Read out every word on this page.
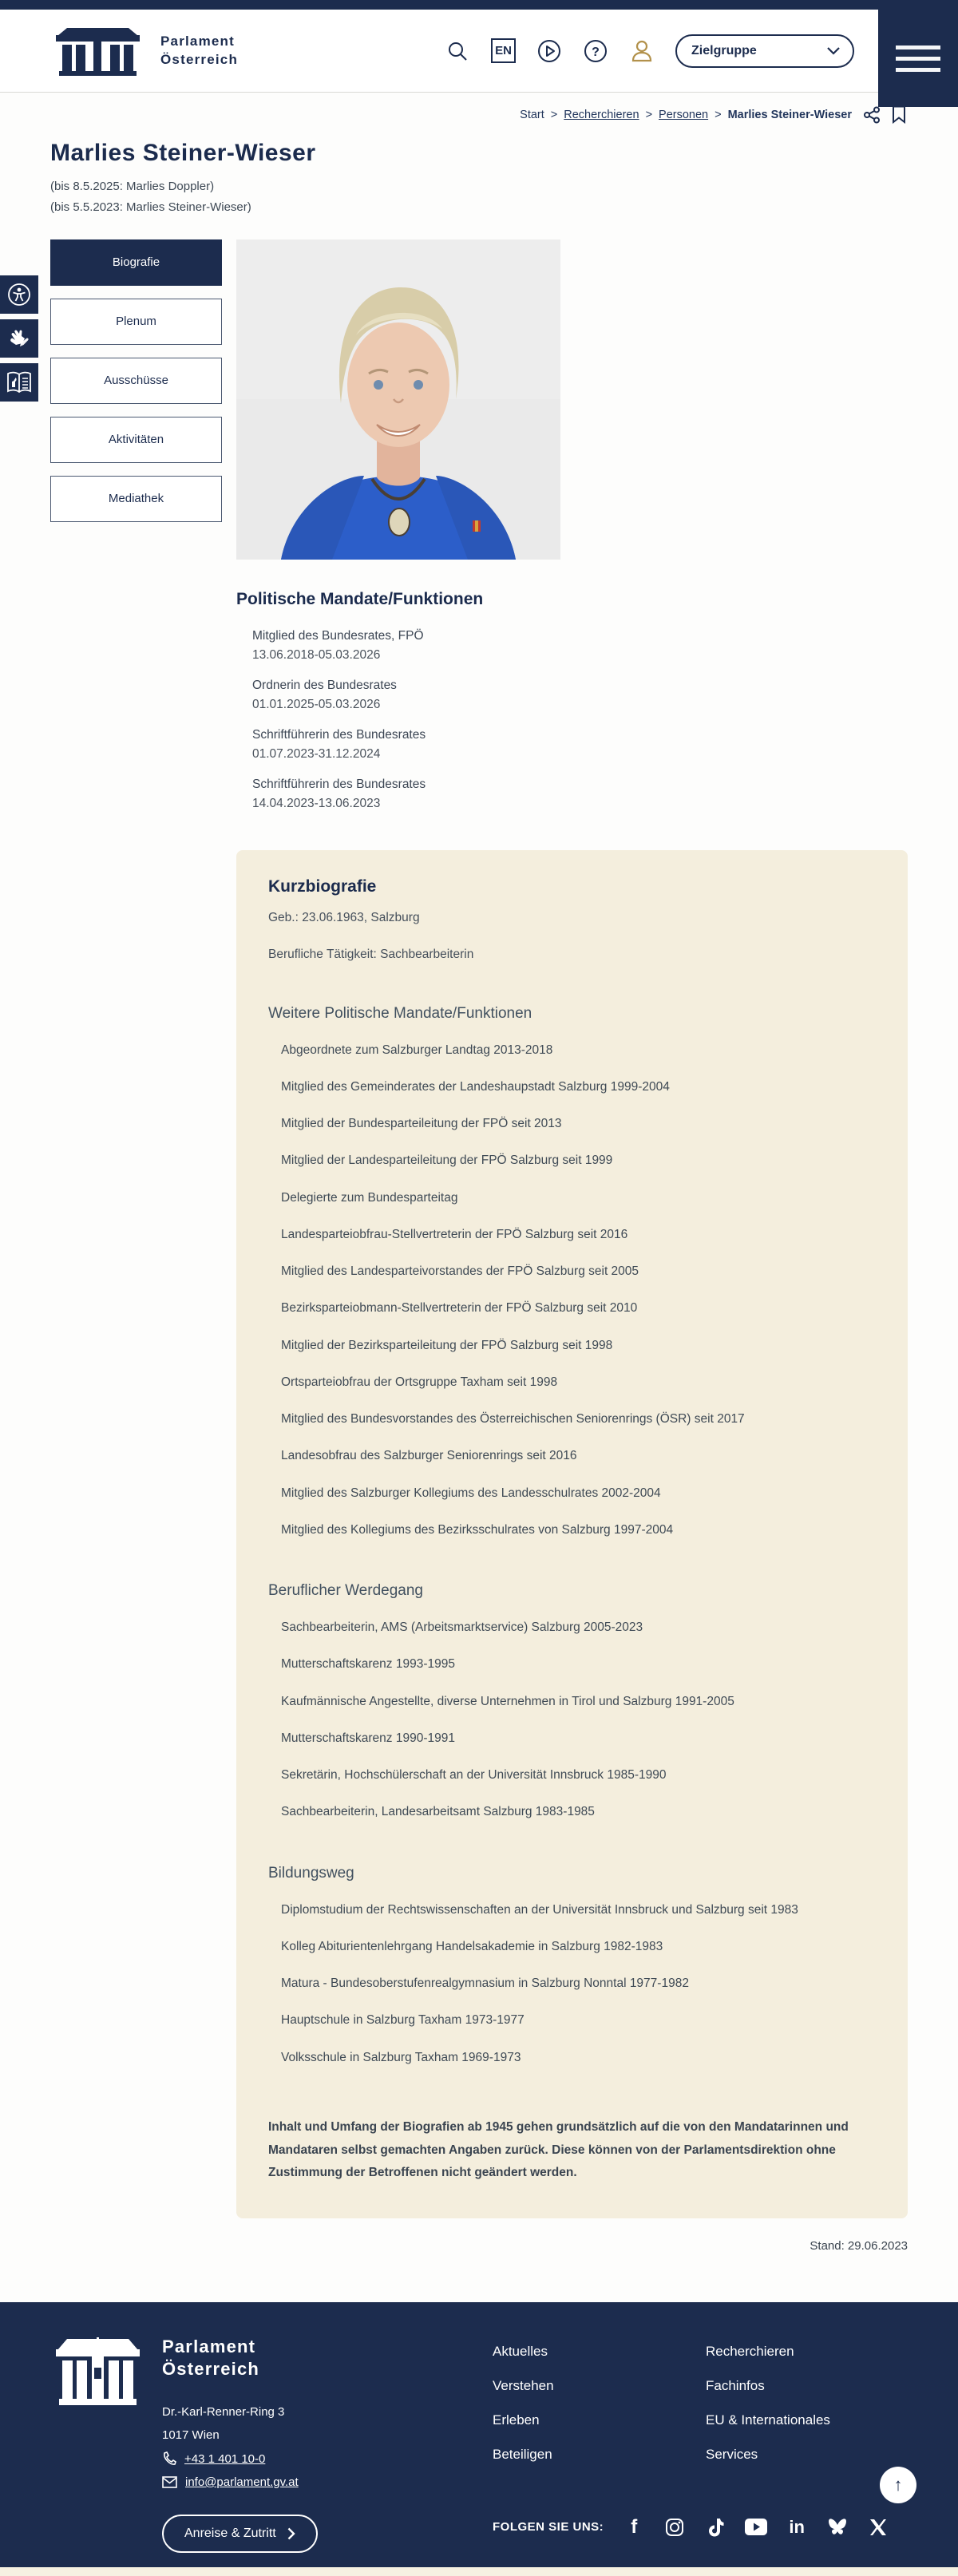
Parlament
Österreich
EN	?	Zielgruppe
Start > Recherchieren > Personen > Marlies Steiner-Wieser
Marlies Steiner-Wieser
(bis 8.5.2025: Marlies Doppler)
(bis 5.5.2023: Marlies Steiner-Wieser)
Biografie
Plenum
Ausschüsse
Aktivitäten
Mediathek
Politische Mandate/Funktionen
Mitglied des Bundesrates, FPÖ
13.06.2018-05.03.2026
Ordnerin des Bundesrates
01.01.2025-05.03.2026
Schriftführerin des Bundesrates
01.07.2023-31.12.2024
Schriftführerin des Bundesrates
14.04.2023-13.06.2023
Kurzbiografie
Geb.: 23.06.1963, Salzburg
Berufliche Tätigkeit: Sachbearbeiterin
Weitere Politische Mandate/Funktionen
Abgeordnete zum Salzburger Landtag 2013-2018
Mitglied des Gemeinderates der Landeshaupstadt Salzburg 1999-2004
Mitglied der Bundesparteileitung der FPÖ seit 2013
Mitglied der Landesparteileitung der FPÖ Salzburg seit 1999
Delegierte zum Bundesparteitag
Landesparteiobfrau-Stellvertreterin der FPÖ Salzburg seit 2016
Mitglied des Landesparteivorstandes der FPÖ Salzburg seit 2005
Bezirksparteiobmann-Stellvertreterin der FPÖ Salzburg seit 2010
Mitglied der Bezirksparteileitung der FPÖ Salzburg seit 1998
Ortsparteiobfrau der Ortsgruppe Taxham seit 1998
Mitglied des Bundesvorstandes des Österreichischen Seniorenrings (ÖSR) seit 2017
Landesobfrau des Salzburger Seniorenrings seit 2016
Mitglied des Salzburger Kollegiums des Landesschulrates 2002-2004
Mitglied des Kollegiums des Bezirksschulrates von Salzburg 1997-2004
Beruflicher Werdegang
Sachbearbeiterin, AMS (Arbeitsmarktservice) Salzburg 2005-2023
Mutterschaftskarenz 1993-1995
Kaufmännische Angestellte, diverse Unternehmen in Tirol und Salzburg 1991-2005
Mutterschaftskarenz 1990-1991
Sekretärin, Hochschülerschaft an der Universität Innsbruck 1985-1990
Sachbearbeiterin, Landesarbeitsamt Salzburg 1983-1985
Bildungsweg
Diplomstudium der Rechtswissenschaften an der Universität Innsbruck und Salzburg seit 1983
Kolleg Abiturientenlehrgang Handelsakademie in Salzburg 1982-1983
Matura - Bundesoberstufenrealgymnasium in Salzburg Nonntal 1977-1982
Hauptschule in Salzburg Taxham 1973-1977
Volksschule in Salzburg Taxham 1969-1973

Inhalt und Umfang der Biografien ab 1945 gehen grundsätzlich auf die von den Mandatarinnen und Mandataren selbst gemachten Angaben zurück. Diese können von der Parlamentsdirektion ohne Zustimmung der Betroffenen nicht geändert werden.

Stand: 29.06.2023
Parlament
Österreich
Dr.-Karl-Renner-Ring 3
1017 Wien
+43 1 401 10-0
info@parlament.gv.at
Anreise & Zutritt
Aktuelles
Verstehen
Erleben
Beteiligen
Recherchieren
Fachinfos
EU & Internationales
Services
FOLGEN SIE UNS:	f	in
↑
